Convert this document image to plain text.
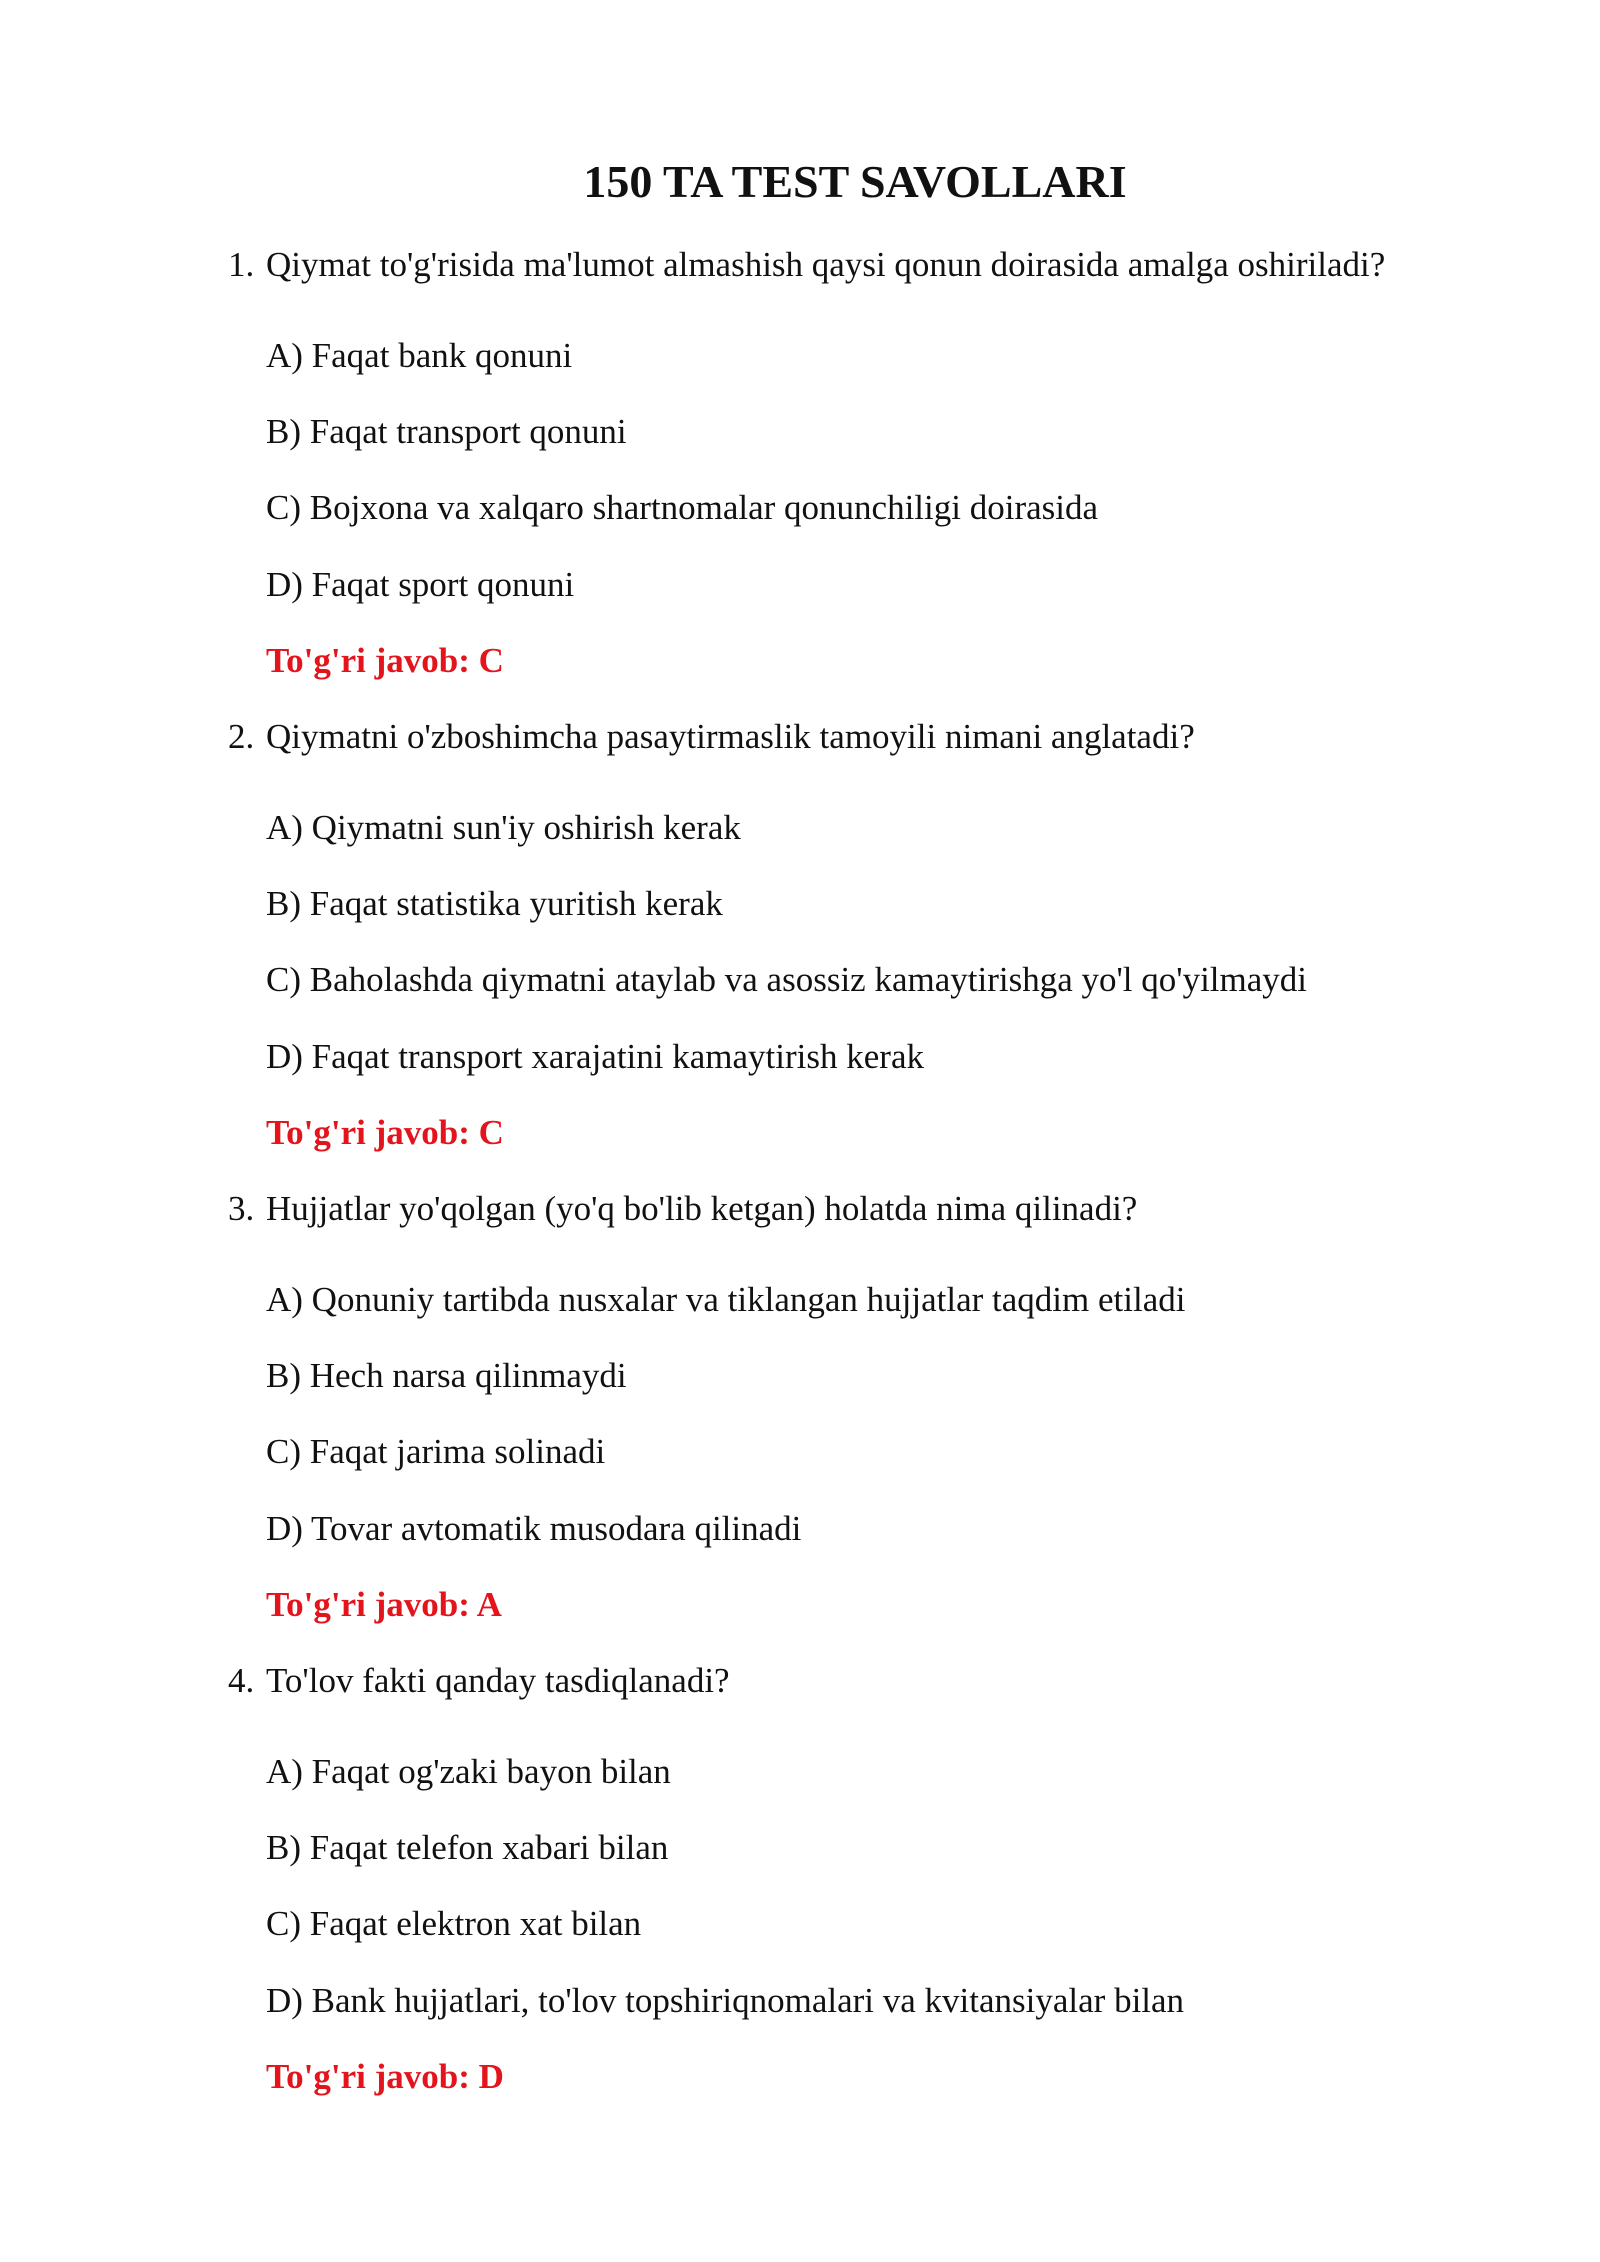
150 TA TEST SAVOLLARI

1. Qiymat to'g'risida ma'lumot almashish qaysi qonun doirasida amalga oshiriladi?

A) Faqat bank qonuni

B) Faqat transport qonuni

C) Bojxona va xalqaro shartnomalar qonunchiligi doirasida

D) Faqat sport qonuni

To'g'ri javob: C

2. Qiymatni o'zboshimcha pasaytirmaslik tamoyili nimani anglatadi?

A) Qiymatni sun'iy oshirish kerak

B) Faqat statistika yuritish kerak

C) Baholashda qiymatni ataylab va asossiz kamaytirishga yo'l qo'yilmaydi

D) Faqat transport xarajatini kamaytirish kerak

To'g'ri javob: C

3. Hujjatlar yo'qolgan (yo'q bo'lib ketgan) holatda nima qilinadi?

A) Qonuniy tartibda nusxalar va tiklangan hujjatlar taqdim etiladi

B) Hech narsa qilinmaydi

C) Faqat jarima solinadi

D) Tovar avtomatik musodara qilinadi

To'g'ri javob: A

4. To'lov fakti qanday tasdiqlanadi?

A) Faqat og'zaki bayon bilan

B) Faqat telefon xabari bilan

C) Faqat elektron xat bilan

D) Bank hujjatlari, to'lov topshiriqnomalari va kvitansiyalar bilan

To'g'ri javob: D
